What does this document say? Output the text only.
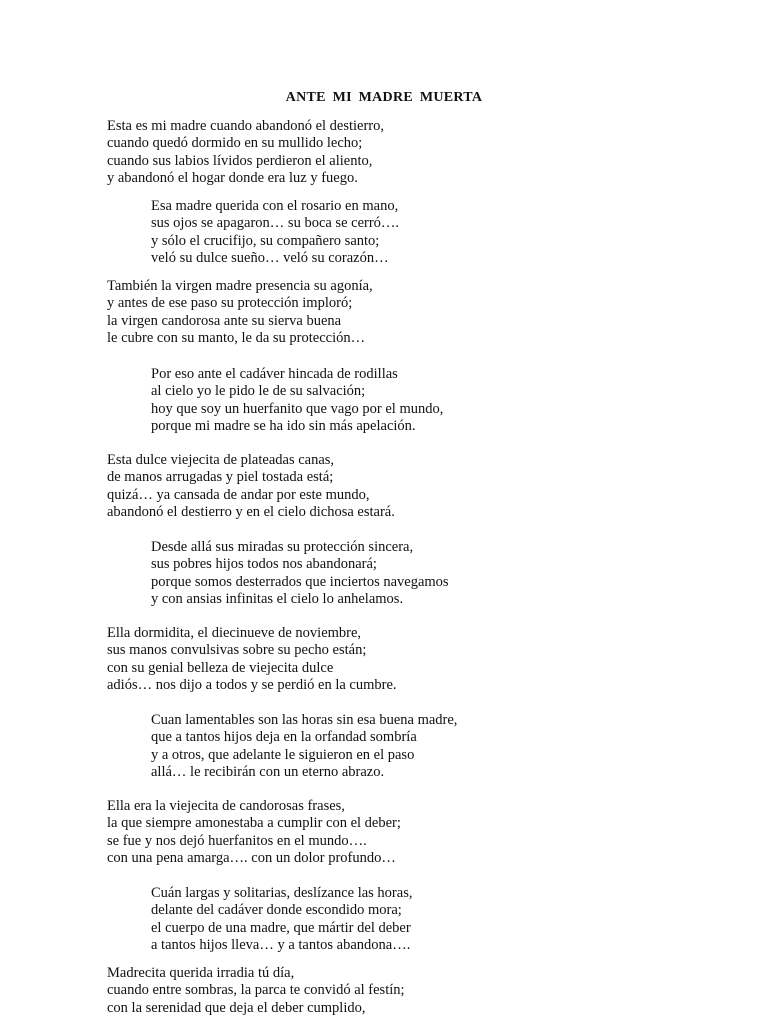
ANTE MI MADRE MUERTA
Esta es mi madre cuando abandonó el destierro,
cuando quedó dormido en su mullido lecho;
cuando sus labios lívidos perdieron el aliento,
y abandonó el hogar donde era luz y fuego.
Esa madre querida con el rosario en mano,
sus ojos se apagaron… su boca se cerró….
y sólo el crucifijo, su compañero santo;
veló su dulce sueño… veló su corazón…
También la virgen madre presencia su agonía,
y antes de ese paso su protección imploró;
la virgen candorosa ante su sierva buena
le cubre con su manto, le da su protección…
Por eso ante el cadáver hincada de rodillas
al cielo yo le pido le de su salvación;
hoy que soy un huerfanito que vago por el mundo,
porque mi madre se ha ido sin más apelación.
Esta dulce viejecita de plateadas canas,
de manos arrugadas y piel tostada está;
quizá… ya cansada de andar por este mundo,
abandonó el destierro y en el cielo dichosa estará.
Desde allá sus miradas su protección sincera,
sus pobres hijos todos nos abandonará;
porque somos desterrados que inciertos navegamos
y con ansias infinitas el cielo lo anhelamos.
Ella dormidita, el diecinueve de noviembre,
sus manos convulsivas sobre su pecho están;
con su genial belleza de viejecita dulce
adiós… nos dijo a todos y se perdió en la cumbre.
Cuan lamentables son las horas sin esa buena madre,
que a tantos hijos deja en la orfandad sombría
y a otros, que adelante le siguieron en el paso
allá… le recibirán con un eterno abrazo.
Ella era la viejecita de candorosas frases,
la que siempre amonestaba a cumplir con el deber;
se fue y nos dejó huerfanitos en el mundo….
con una pena amarga…. con un dolor profundo…
Cuán largas y solitarias, deslízance las horas,
delante del cadáver donde escondido mora;
el cuerpo de una madre, que mártir del deber
a tantos hijos lleva… y a tantos abandona….
Madrecita querida irradia tú día,
cuando entre sombras, la parca te convidó al festín;
con la serenidad que deja el deber cumplido,
